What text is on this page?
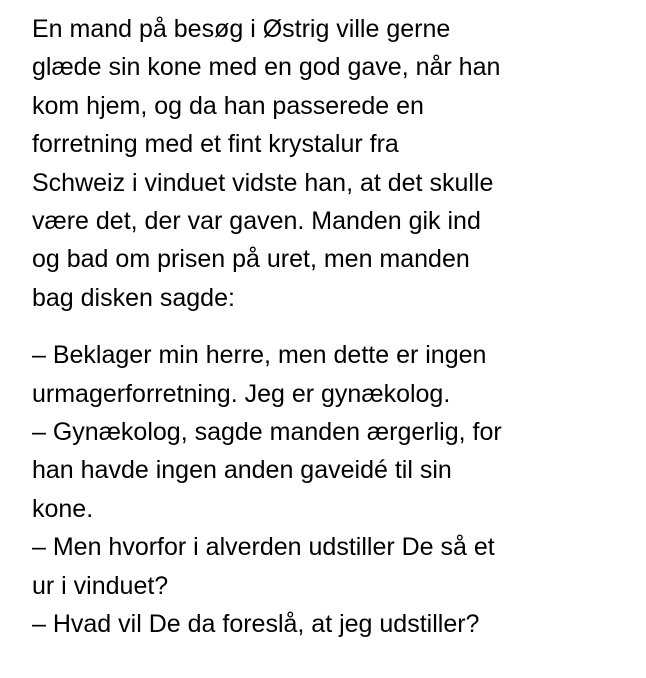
En mand på besøg i Østrig ville gerne
glæde sin kone med en god gave, når han
kom hjem, og da han passerede en
forretning med et fint krystalur fra
Schweiz i vinduet vidste han, at det skulle
være det, der var gaven. Manden gik ind
og bad om prisen på uret, men manden
bag disken sagde:

– Beklager min herre, men dette er ingen
urmagerforretning. Jeg er gynækolog.
– Gynækolog, sagde manden ærgerlig, for
han havde ingen anden gaveidé til sin
kone.
– Men hvorfor i alverden udstiller De så et
ur i vinduet?
– Hvad vil De da foreslå, at jeg udstiller?
